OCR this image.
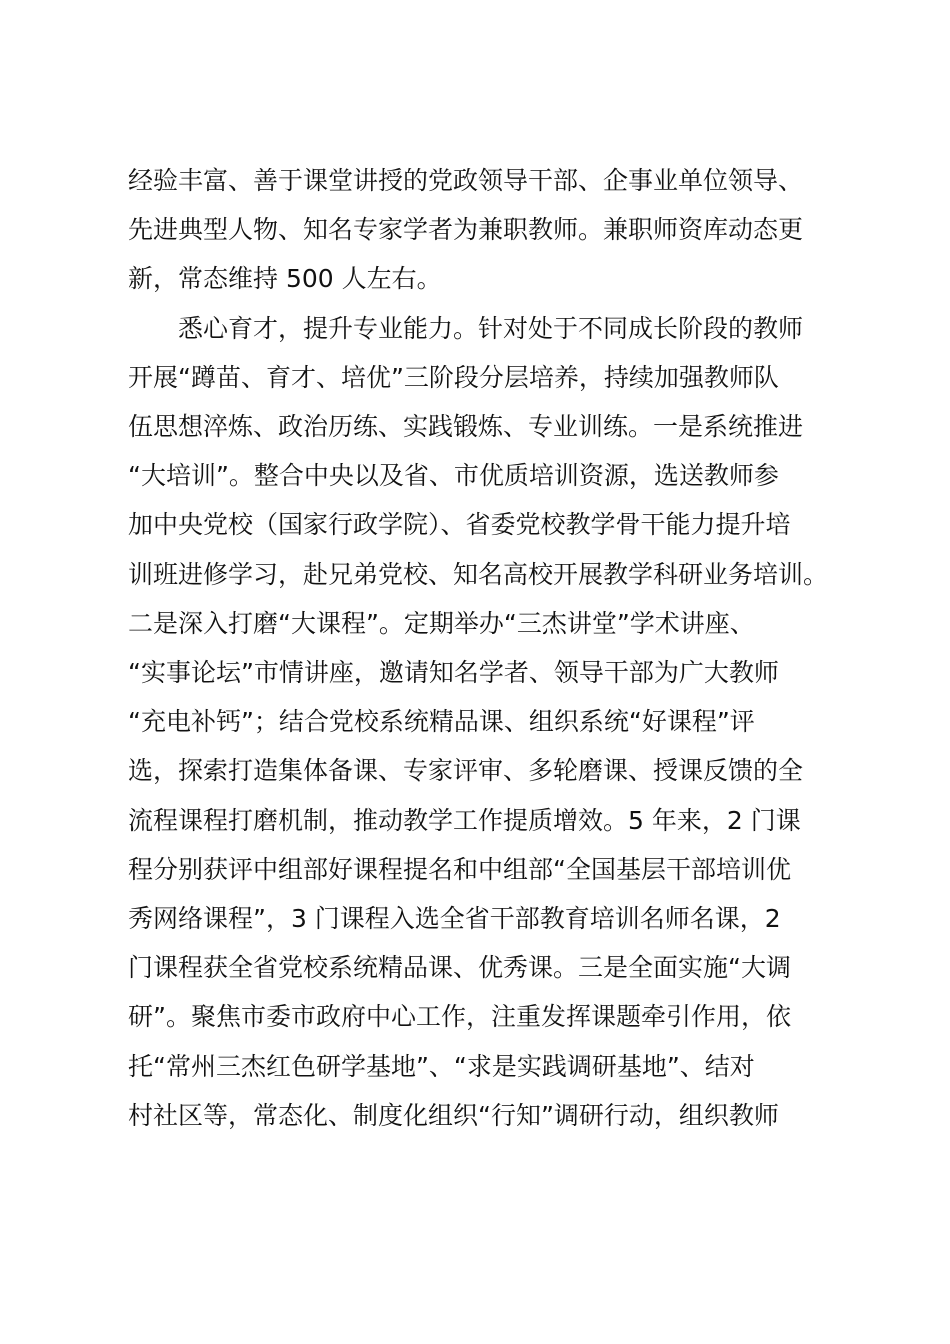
经验丰富、善于课堂讲授的党政领导干部、企事业单位领导、
先进典型人物、知名专家学者为兼职教师。兼职师资库动态更
新，常态维持 500 人左右。

悉心育才，提升专业能力。针对处于不同成长阶段的教师
开展“蹲苗、育才、培优”三阶段分层培养，持续加强教师队
伍思想淬炼、政治历练、实践锻炼、专业训练。一是系统推进
“大培训”。整合中央以及省、市优质培训资源，选送教师参
加中央党校（国家行政学院）、省委党校教学骨干能力提升培
训班进修学习，赴兄弟党校、知名高校开展教学科研业务培训。
二是深入打磨“大课程”。定期举办“三杰讲堂”学术讲座、
“实事论坛”市情讲座，邀请知名学者、领导干部为广大教师
“充电补钙”；结合党校系统精品课、组织系统“好课程”评
选，探索打造集体备课、专家评审、多轮磨课、授课反馈的全
流程课程打磨机制，推动教学工作提质增效。5 年来，2 门课
程分别获评中组部好课程提名和中组部“全国基层干部培训优
秀网络课程”，3 门课程入选全省干部教育培训名师名课，2
门课程获全省党校系统精品课、优秀课。三是全面实施“大调
研”。聚焦市委市政府中心工作，注重发挥课题牵引作用，依
托“常州三杰红色研学基地”、“求是实践调研基地”、结对
村社区等，常态化、制度化组织“行知”调研行动，组织教师
